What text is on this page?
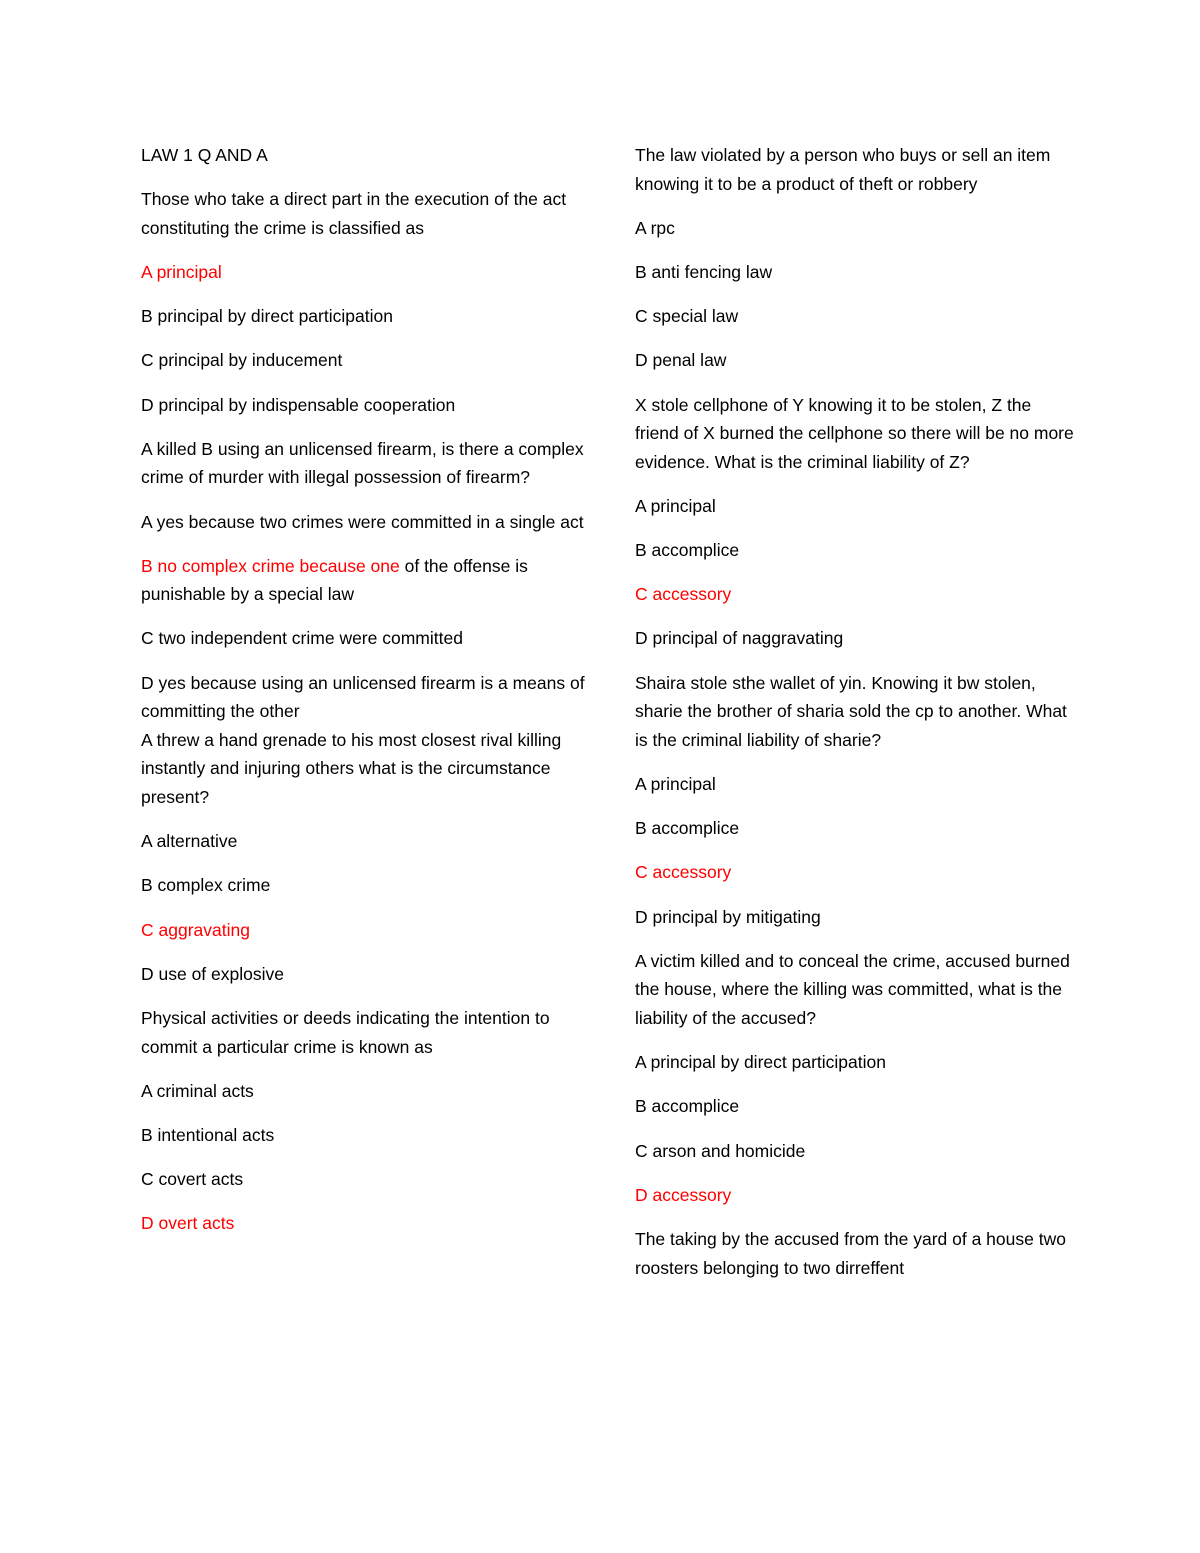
LAW 1 Q AND A

Those who take a direct part in the execution of the act constituting the crime is classified as

A principal

B principal by direct participation

C principal by inducement

D principal by indispensable cooperation

A killed B using an unlicensed firearm, is there a complex crime of murder with illegal possession of firearm?

A yes because two crimes were committed in a single act

B no complex crime because one of the offense is punishable by a special law

C two independent crime were committed

D yes because using an unlicensed firearm is a means of committing the other

A threw a hand grenade to his most closest rival killing instantly and injuring others what is the circumstance present?

A alternative

B complex crime

C aggravating

D use of explosive

Physical activities or deeds indicating the intention to commit a particular crime is known as

A criminal acts

B intentional acts

C covert acts

D overt acts

The law violated by a person who buys or sell an item knowing it to be a product of theft or robbery

A rpc

B anti fencing law

C special law

D penal law

X stole cellphone of Y knowing it to be stolen, Z the friend of X burned the cellphone so there will be no more evidence. What is the criminal liability of Z?

A principal

B accomplice

C accessory

D principal of naggravating

Shaira stole sthe wallet of yin. Knowing it bw stolen, sharie the brother of sharia sold the cp to another. What is the criminal liability of sharie?

A principal

B accomplice

C accessory

D principal by mitigating

A victim killed and to conceal the crime, accused burned the house, where the killing was committed, what is the liability of the accused?

A principal by direct participation

B accomplice

C arson and homicide

D accessory

The taking by the accused from the yard of a house two roosters belonging to two dirreffent
